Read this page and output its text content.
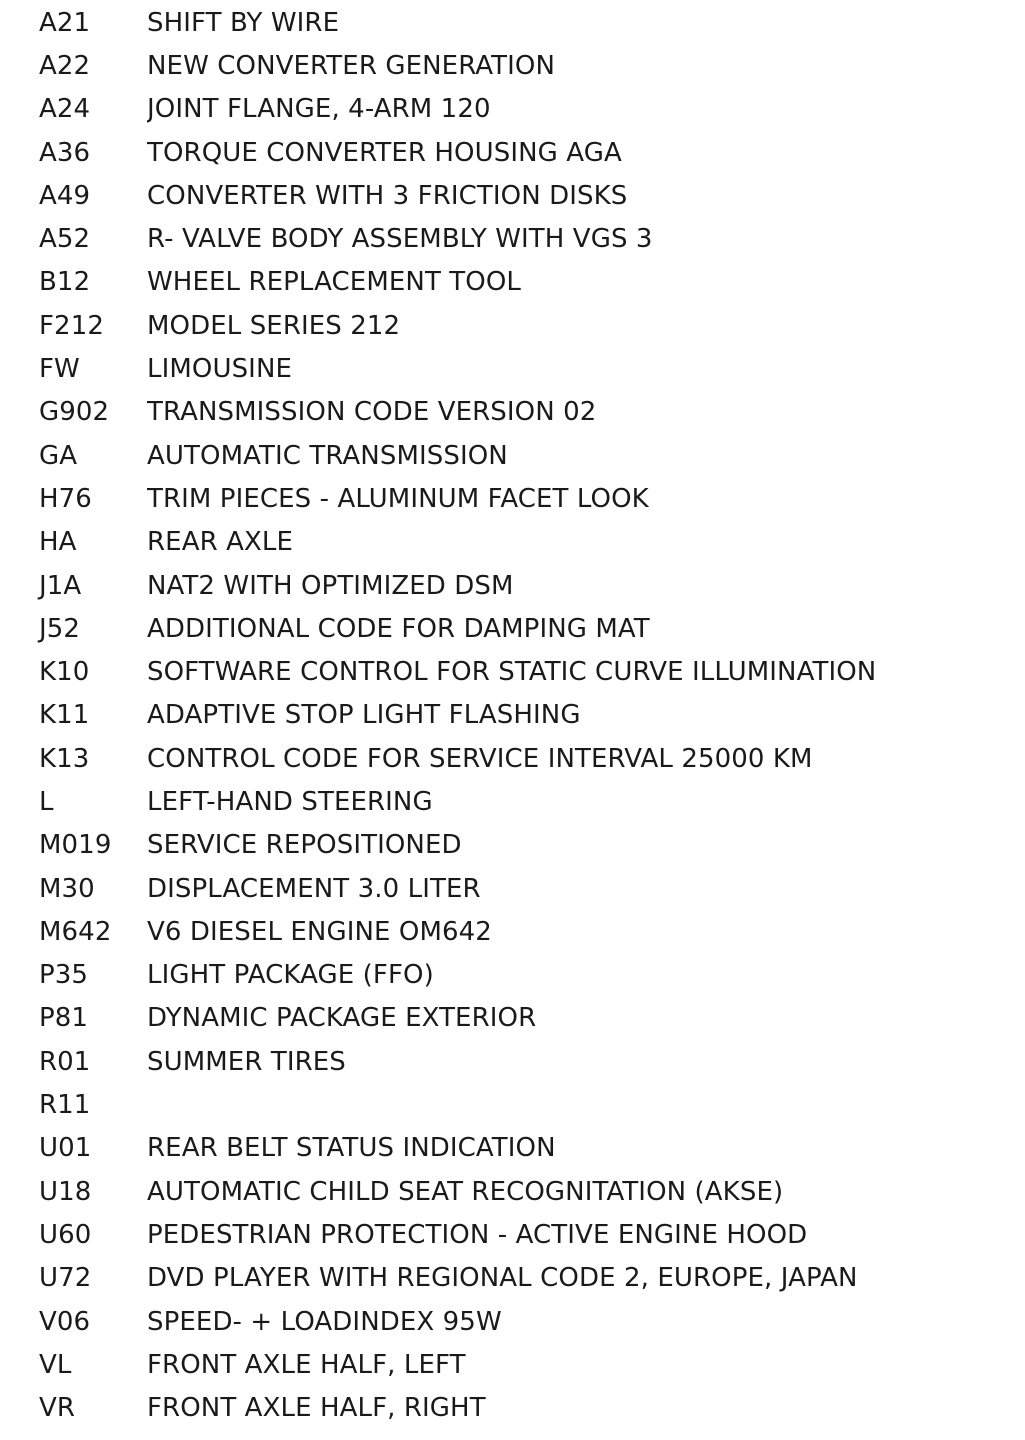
A21	SHIFT BY WIRE
A22	NEW CONVERTER GENERATION
A24	JOINT FLANGE, 4-ARM 120
A36	TORQUE CONVERTER HOUSING AGA
A49	CONVERTER WITH 3 FRICTION DISKS
A52	R- VALVE BODY ASSEMBLY WITH VGS 3
B12	WHEEL REPLACEMENT TOOL
F212	MODEL SERIES 212
FW	LIMOUSINE
G902	TRANSMISSION CODE VERSION 02
GA	AUTOMATIC TRANSMISSION
H76	TRIM PIECES - ALUMINUM FACET LOOK
HA	REAR AXLE
J1A	NAT2 WITH OPTIMIZED DSM
J52	ADDITIONAL CODE FOR DAMPING MAT
K10	SOFTWARE CONTROL FOR STATIC CURVE ILLUMINATION
K11	ADAPTIVE STOP LIGHT FLASHING
K13	CONTROL CODE FOR SERVICE INTERVAL 25000 KM
L	LEFT-HAND STEERING
M019	SERVICE REPOSITIONED
M30	DISPLACEMENT 3.0 LITER
M642	V6 DIESEL ENGINE OM642
P35	LIGHT PACKAGE (FFO)
P81	DYNAMIC PACKAGE EXTERIOR
R01	SUMMER TIRES
R11
U01	REAR BELT STATUS INDICATION
U18	AUTOMATIC CHILD SEAT RECOGNITATION (AKSE)
U60	PEDESTRIAN PROTECTION - ACTIVE ENGINE HOOD
U72	DVD PLAYER WITH REGIONAL CODE 2, EUROPE, JAPAN
V06	SPEED- + LOADINDEX 95W
VL	FRONT AXLE HALF, LEFT
VR	FRONT AXLE HALF, RIGHT
